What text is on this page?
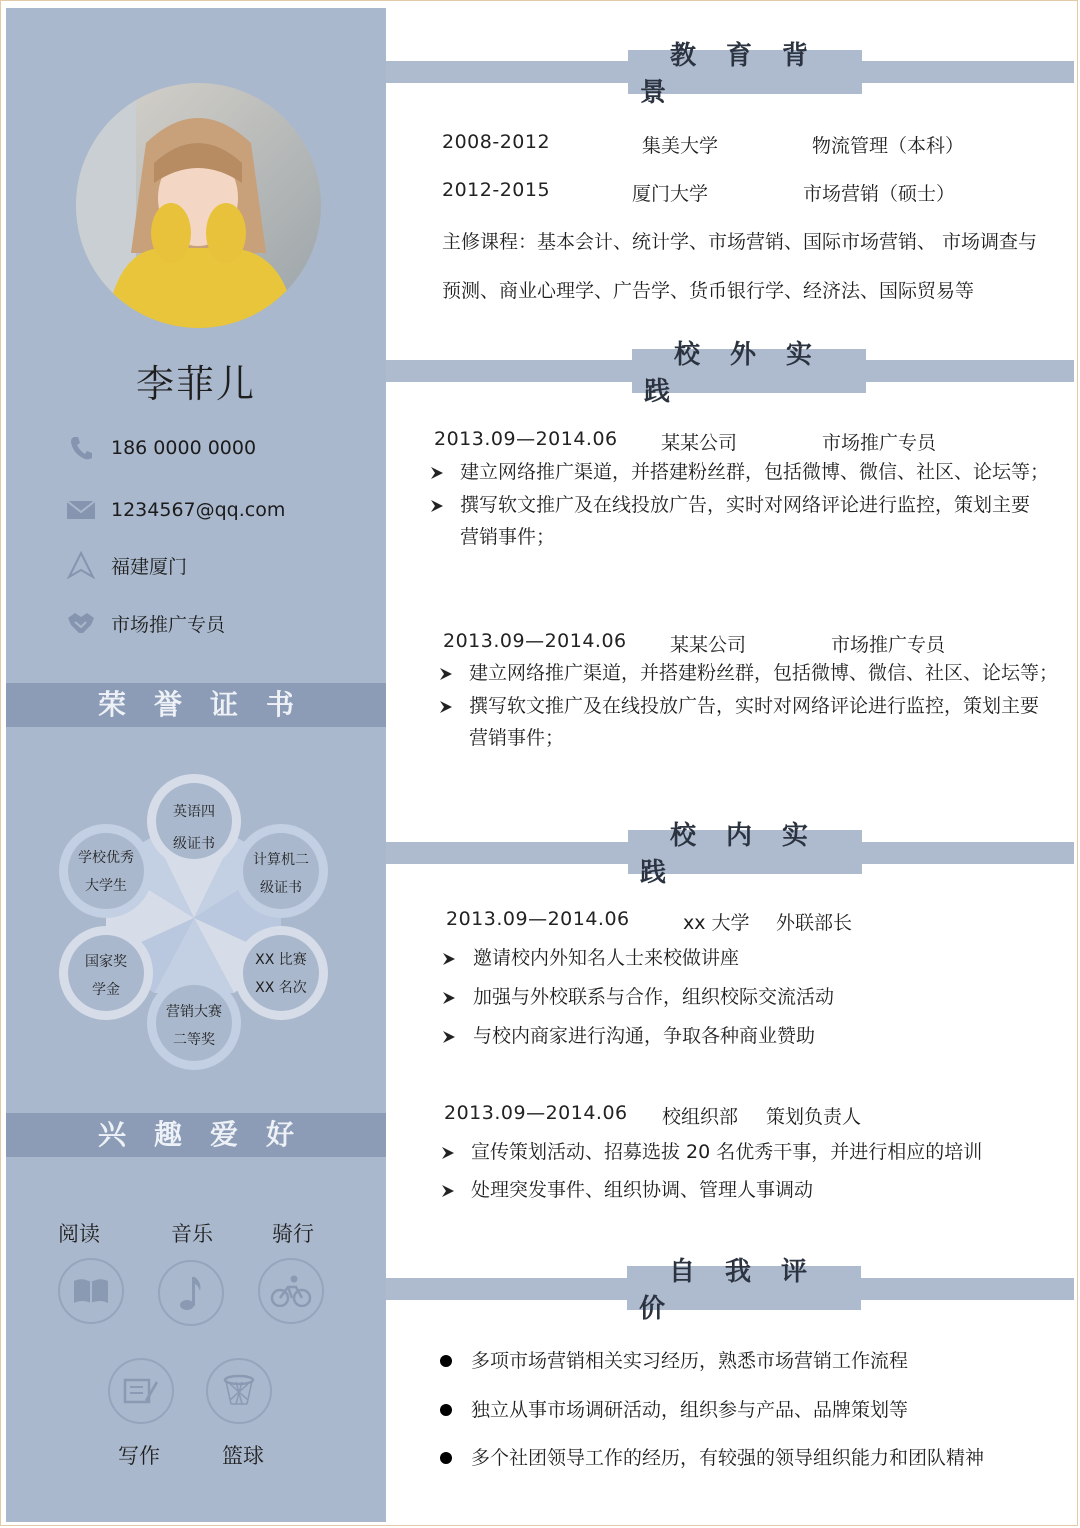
李菲儿
186 0000 0000
1234567@qq.com
福建厦门
市场推广专员
荣誉证书
英语四
级证书
计算机二
级证书
XX 比赛
XX 名次
营销大赛
二等奖
国家奖
学金
学校优秀
大学生
兴趣爱好
阅读	音乐	骑行
写作	篮球
教育背景
2008-2012	集美大学	物流管理（本科）
2012-2015	厦门大学	市场营销（硕士）
主修课程：基本会计、统计学、市场营销、国际市场营销、 市场调查与
预测、商业心理学、广告学、货币银行学、经济法、国际贸易等
校外实践
2013.09—2014.06 某某公司	市场推广专员
建立网络推广渠道，并搭建粉丝群，包括微博、微信、社区、论坛等；
撰写软文推广及在线投放广告，实时对网络评论进行监控，策划主要
营销事件；
2013.09—2014.06 某某公司	市场推广专员
建立网络推广渠道，并搭建粉丝群，包括微博、微信、社区、论坛等；
撰写软文推广及在线投放广告，实时对网络评论进行监控，策划主要
营销事件；
校内实践
2013.09—2014.06	xx 大学 外联部长
邀请校内外知名人士来校做讲座
加强与外校联系与合作，组织校际交流活动
与校内商家进行沟通，争取各种商业赞助
2013.09—2014.06 校组织部 策划负责人
宣传策划活动、招募选拔 20 名优秀干事，并进行相应的培训
处理突发事件、组织协调、管理人事调动
自我评价
多项市场营销相关实习经历，熟悉市场营销工作流程
独立从事市场调研活动，组织参与产品、品牌策划等
多个社团领导工作的经历，有较强的领导组织能力和团队精神
